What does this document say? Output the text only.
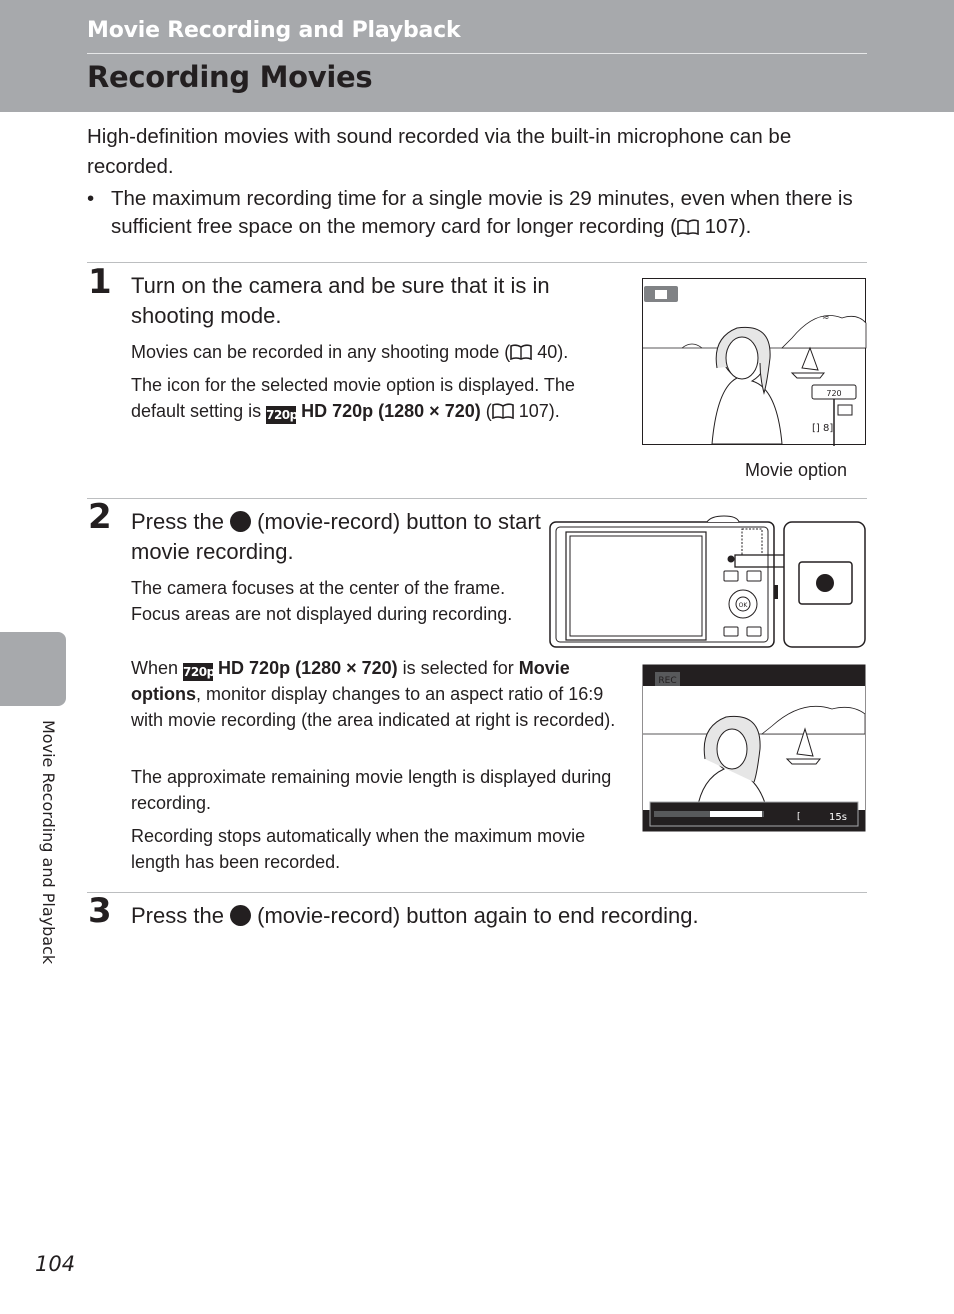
Movie Recording and Playback
Recording Movies
Movie Recording and Playback
High-definition movies with sound recorded via the built-in microphone can be recorded.
• The maximum recording time for a single movie is 29 minutes, even when there is sufficient free space on the memory card for longer recording ( 107).
1 Turn on the camera and be sure that it is in shooting mode.
Movies can be recorded in any shooting mode ( 40).
The icon for the selected movie option is displayed. The default setting is 720p HD 720p (1280 × 720) ( 107).
720
[] 8]
≈
Movie option
2 Press the  (movie-record) button to start movie recording.
The camera focuses at the center of the frame. Focus areas are not displayed during recording.	OK
When 720p HD 720p (1280 × 720) is selected for Movie options, monitor display changes to an aspect ratio of 16:9 with movie recording (the area indicated at right is recorded).
The approximate remaining movie length is displayed during recording.
Recording stops automatically when the maximum movie length has been recorded.
REC
[	15s
3 Press the  (movie-record) button again to end recording.
104
